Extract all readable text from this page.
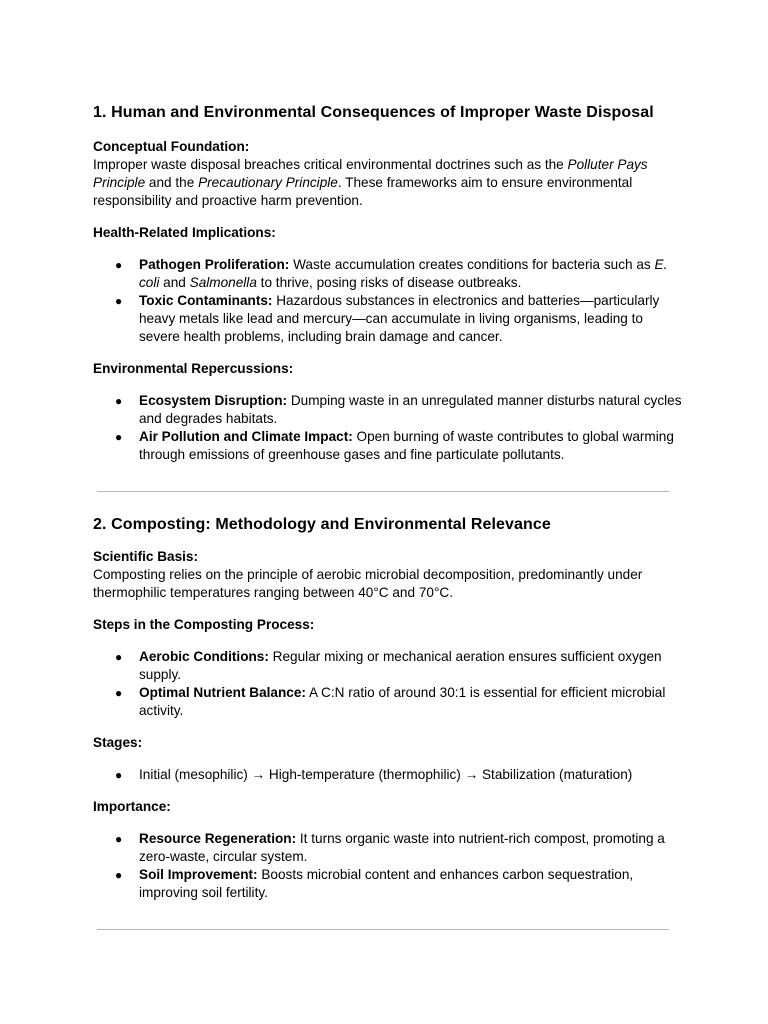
1. Human and Environmental Consequences of Improper Waste Disposal

Conceptual Foundation:

Improper waste disposal breaches critical environmental doctrines such as the Polluter Pays Principle and the Precautionary Principle. These frameworks aim to ensure environmental responsibility and proactive harm prevention.

Health-Related Implications:

● Pathogen Proliferation: Waste accumulation creates conditions for bacteria such as E. coli and Salmonella to thrive, posing risks of disease outbreaks.
● Toxic Contaminants: Hazardous substances in electronics and batteries—particularly heavy metals like lead and mercury—can accumulate in living organisms, leading to severe health problems, including brain damage and cancer.

Environmental Repercussions:

● Ecosystem Disruption: Dumping waste in an unregulated manner disturbs natural cycles and degrades habitats.
● Air Pollution and Climate Impact: Open burning of waste contributes to global warming through emissions of greenhouse gases and fine particulate pollutants.
2. Composting: Methodology and Environmental Relevance

Scientific Basis:

Composting relies on the principle of aerobic microbial decomposition, predominantly under thermophilic temperatures ranging between 40°C and 70°C.

Steps in the Composting Process:

● Aerobic Conditions: Regular mixing or mechanical aeration ensures sufficient oxygen supply.
● Optimal Nutrient Balance: A C:N ratio of around 30:1 is essential for efficient microbial activity.

Stages:

● Initial (mesophilic) → High-temperature (thermophilic) → Stabilization (maturation)

Importance:

● Resource Regeneration: It turns organic waste into nutrient-rich compost, promoting a zero-waste, circular system.
● Soil Improvement: Boosts microbial content and enhances carbon sequestration, improving soil fertility.
